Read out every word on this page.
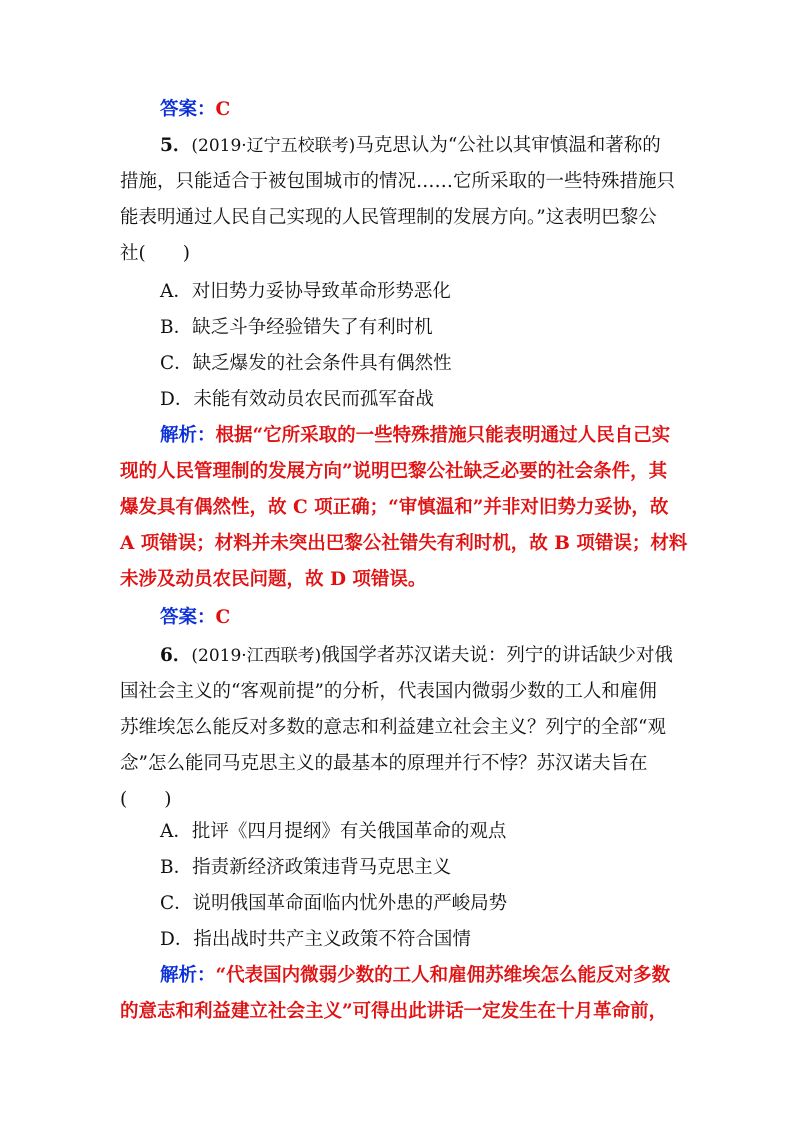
答案：C
5．(2019·辽宁五校联考)马克思认为“公社以其审慎温和著称的
措施，只能适合于被包围城市的情况……它所采取的一些特殊措施只
能表明通过人民自己实现的人民管理制的发展方向。”这表明巴黎公
社(　　)
A．对旧势力妥协导致革命形势恶化
B．缺乏斗争经验错失了有利时机
C．缺乏爆发的社会条件具有偶然性
D．未能有效动员农民而孤军奋战
解析：根据“它所采取的一些特殊措施只能表明通过人民自己实
现的人民管理制的发展方向”说明巴黎公社缺乏必要的社会条件，其
爆发具有偶然性，故 C 项正确；“审慎温和”并非对旧势力妥协，故
A 项错误；材料并未突出巴黎公社错失有利时机，故 B 项错误；材料
未涉及动员农民问题，故 D 项错误。
答案：C
6．(2019·江西联考)俄国学者苏汉诺夫说：列宁的讲话缺少对俄
国社会主义的“客观前提”的分析，代表国内微弱少数的工人和雇佣
苏维埃怎么能反对多数的意志和利益建立社会主义？列宁的全部“观
念”怎么能同马克思主义的最基本的原理并行不悖？苏汉诺夫旨在
(　　)
A．批评《四月提纲》有关俄国革命的观点
B．指责新经济政策违背马克思主义
C．说明俄国革命面临内忧外患的严峻局势
D．指出战时共产主义政策不符合国情
解析：“代表国内微弱少数的工人和雇佣苏维埃怎么能反对多数
的意志和利益建立社会主义”可得出此讲话一定发生在十月革命前，
